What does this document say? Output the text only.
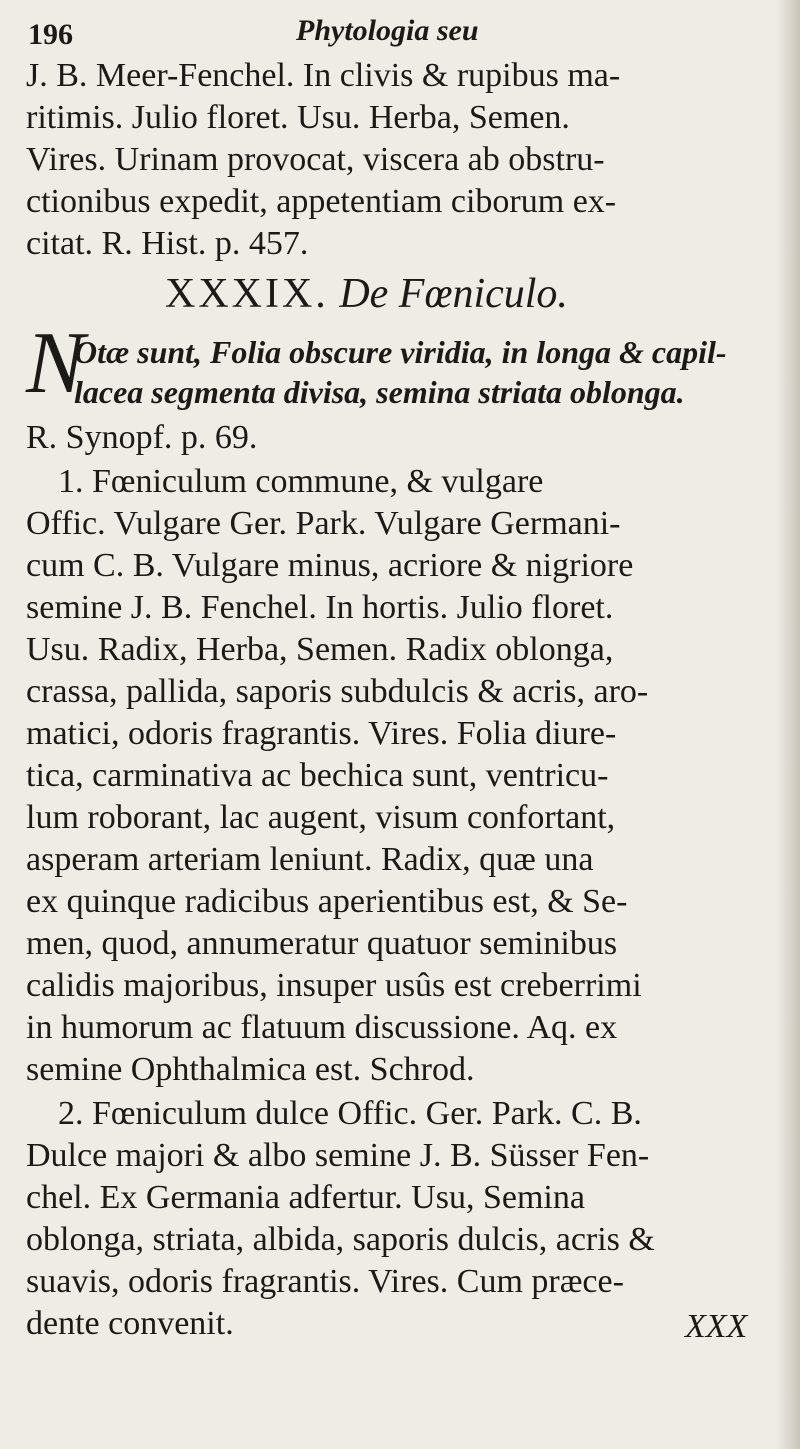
196	Phytologia seu
J. B. Meer-Fenchel. In clivis & rupibus ma-
ritimis. Julio floret. Usu. Herba, Semen.
Vires. Urinam provocat, viscera ab obstru-
ctionibus expedit, appetentiam ciborum ex-
citat. R. Hist. p. 457.
XXXIX. De Fœniculo.
N
Otæ sunt, Folia obscure viridia, in longa & capil-
lacea segmenta divisa, semina striata oblonga.
R. Synopf. p. 69.
1. Fœniculum commune, & vulgare
Offic. Vulgare Ger. Park. Vulgare Germani-
cum C. B. Vulgare minus, acriore & nigriore
semine J. B. Fenchel. In hortis. Julio floret.
Usu. Radix, Herba, Semen. Radix oblonga,
crassa, pallida, saporis subdulcis & acris, aro-
matici, odoris fragrantis. Vires. Folia diure-
tica, carminativa ac bechica sunt, ventricu-
lum roborant, lac augent, visum confortant,
asperam arteriam leniunt. Radix, quæ una
ex quinque radicibus aperientibus est, & Se-
men, quod, annumeratur quatuor seminibus
calidis majoribus, insuper usûs est creberrimi
in humorum ac flatuum discussione. Aq. ex
semine Ophthalmica est. Schrod.
2. Fœniculum dulce Offic. Ger. Park. C. B.
Dulce majori & albo semine J. B. Süsser Fen-
chel. Ex Germania adfertur. Usu, Semina
oblonga, striata, albida, saporis dulcis, acris &
suavis, odoris fragrantis. Vires. Cum præce-
dente convenit.	XXX
